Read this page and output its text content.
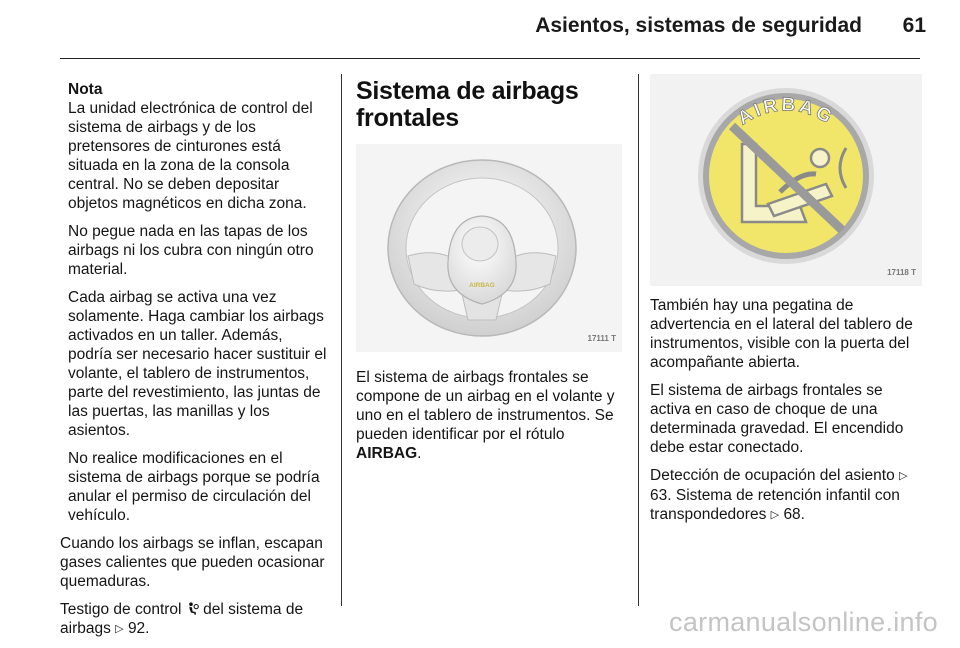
Asientos, sistemas de seguridad 61
Nota

La unidad electrónica de control del sistema de airbags y de los pretensores de cinturones está situada en la zona de la consola central. No se deben depositar objetos magnéticos en dicha zona.

No pegue nada en las tapas de los airbags ni los cubra con ningún otro material.

Cada airbag se activa una vez solamente. Haga cambiar los airbags activados en un taller. Además, podría ser necesario hacer sustituir el volante, el tablero de instrumentos, parte del revestimiento, las juntas de las puertas, las manillas y los asientos.

No realice modificaciones en el sistema de airbags porque se podría anular el permiso de circulación del vehículo.

Cuando los airbags se inflan, escapan gases calientes que pueden ocasionar quemaduras.

Testigo de control del sistema de airbags ▷ 92.

Sistema de airbags frontales
AIRBAG
17111 T

El sistema de airbags frontales se compone de un airbag en el volante y uno en el tablero de instrumentos. Se pueden identificar por el rótulo AIRBAG.

AIRBAG
17118 T

También hay una pegatina de advertencia en el lateral del tablero de instrumentos, visible con la puerta del acompañante abierta.

El sistema de airbags frontales se activa en caso de choque de una determinada gravedad. El encendido debe estar conectado.

Detección de ocupación del asiento ▷ 63. Sistema de retención infantil con transpondedores ▷ 68.

carmanualsonline.info
